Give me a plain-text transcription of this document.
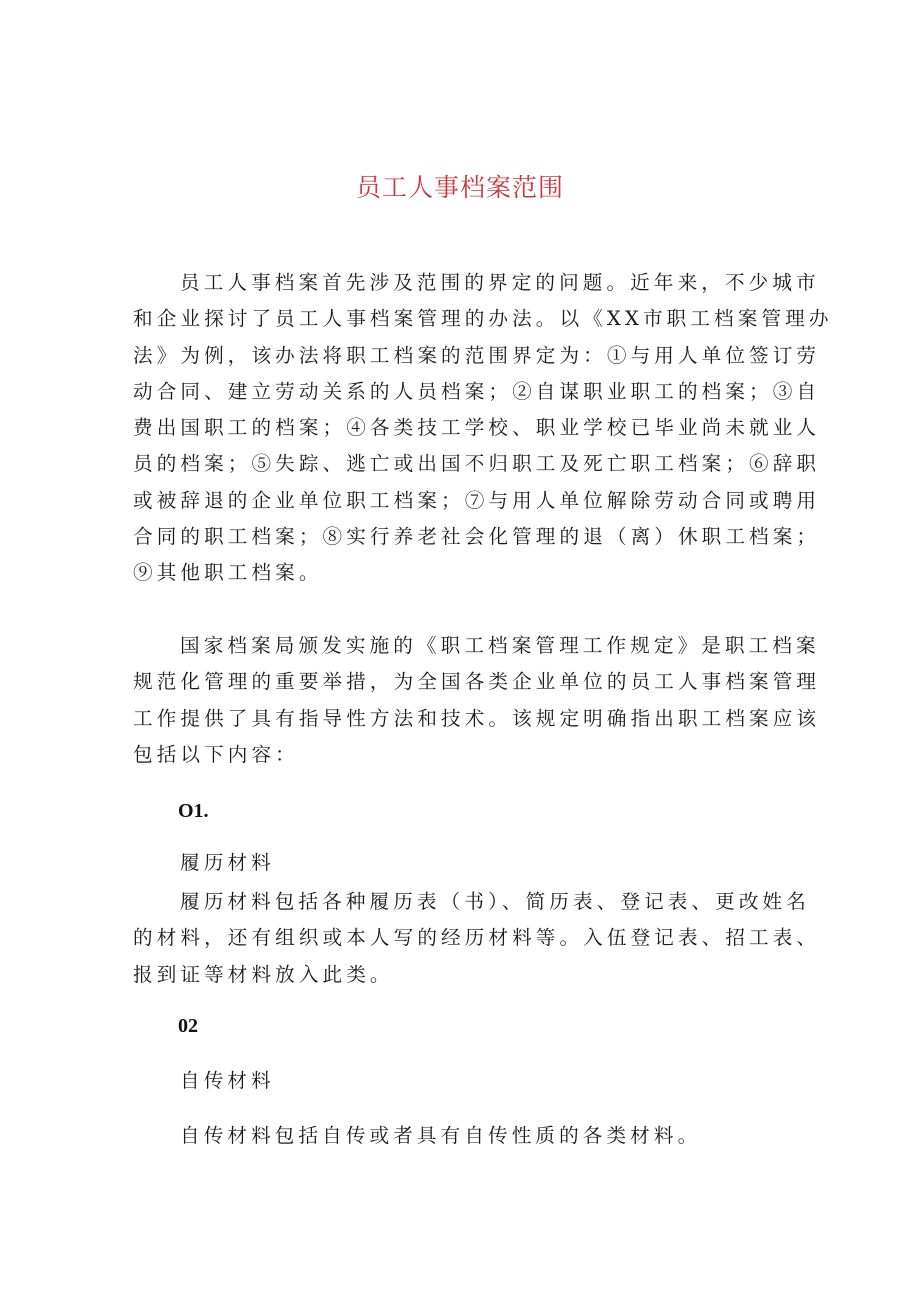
员工人事档案范围
员工人事档案首先涉及范围的界定的问题。近年来，不少城市
和企业探讨了员工人事档案管理的办法。以《XX市职工档案管理办
法》为例，该办法将职工档案的范围界定为：①与用人单位签订劳
动合同、建立劳动关系的人员档案；②自谋职业职工的档案；③自
费出国职工的档案；④各类技工学校、职业学校已毕业尚未就业人
员的档案；⑤失踪、逃亡或出国不归职工及死亡职工档案；⑥辞职
或被辞退的企业单位职工档案；⑦与用人单位解除劳动合同或聘用
合同的职工档案；⑧实行养老社会化管理的退（离）休职工档案；
⑨其他职工档案。
国家档案局颁发实施的《职工档案管理工作规定》是职工档案
规范化管理的重要举措，为全国各类企业单位的员工人事档案管理
工作提供了具有指导性方法和技术。该规定明确指出职工档案应该
包括以下内容：
O1.
履历材料
履历材料包括各种履历表（书）、简历表、登记表、更改姓名
的材料，还有组织或本人写的经历材料等。入伍登记表、招工表、
报到证等材料放入此类。
02
自传材料
自传材料包括自传或者具有自传性质的各类材料。
